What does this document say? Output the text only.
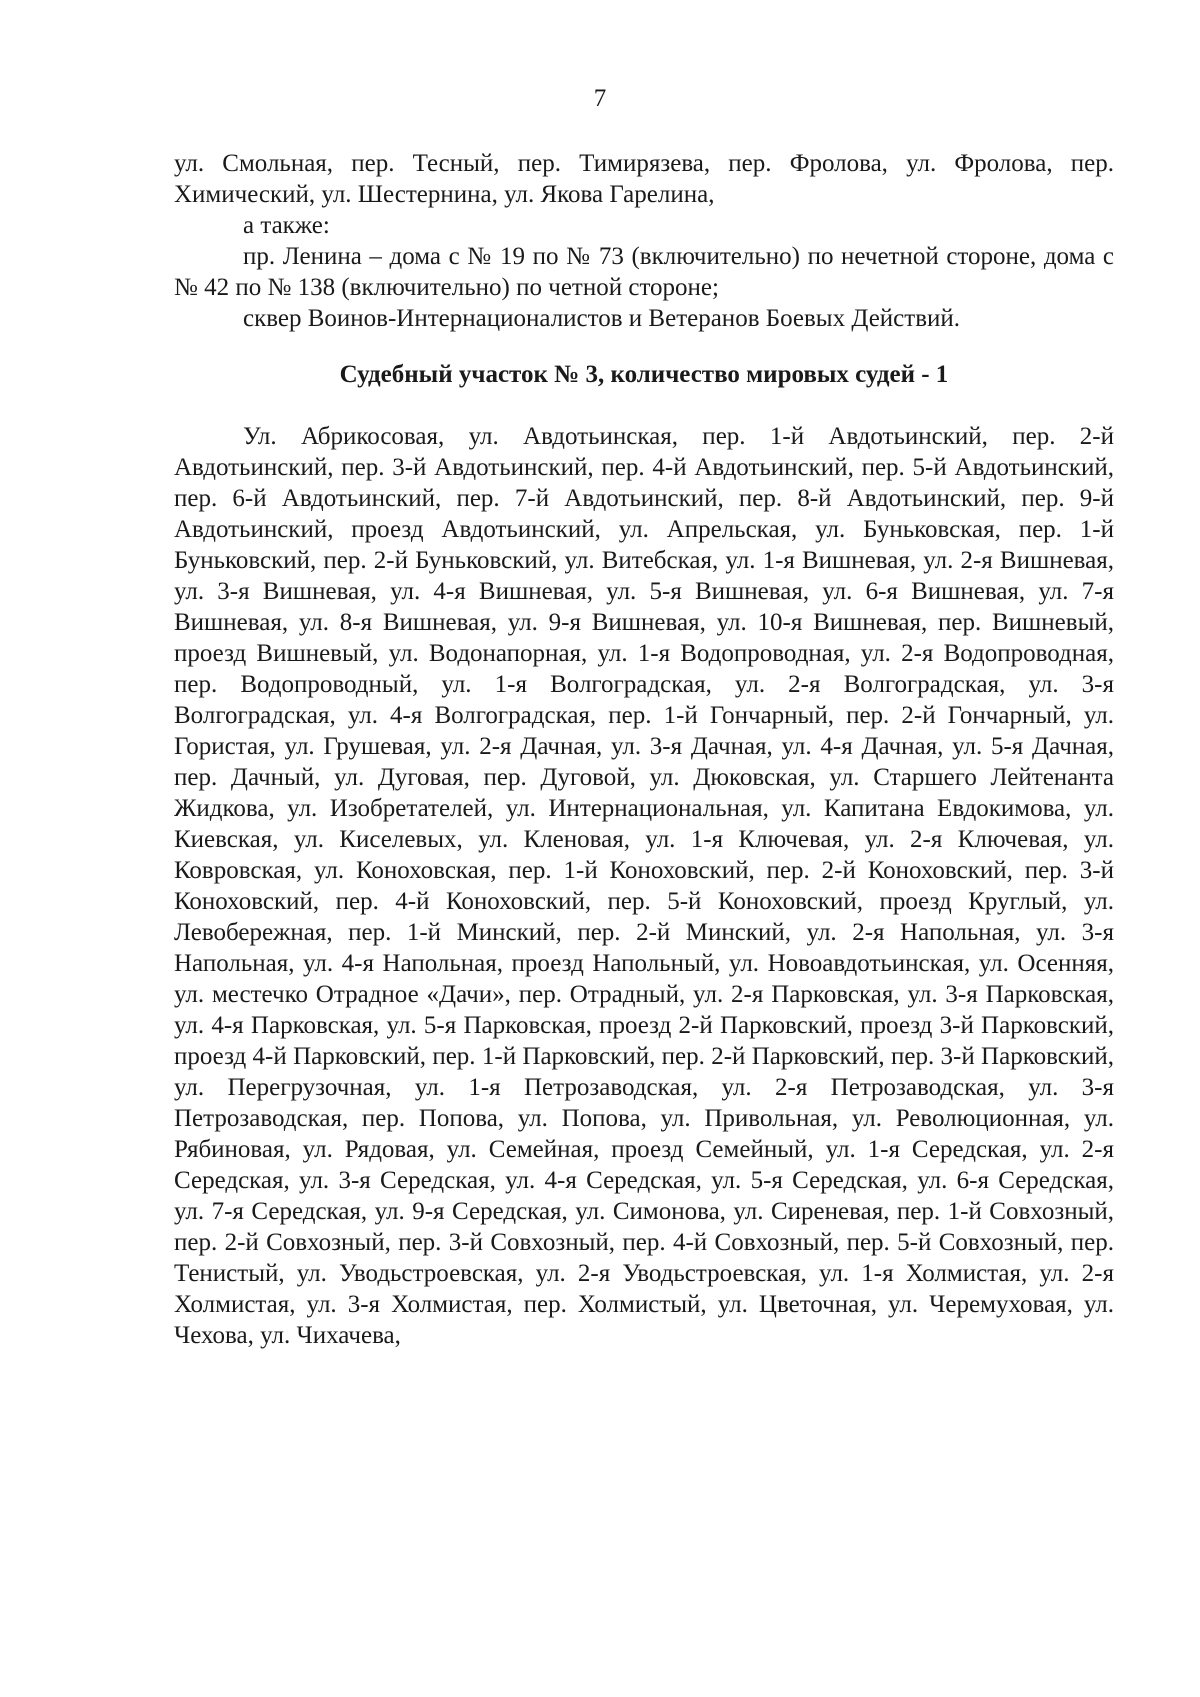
7

ул. Смольная, пер. Тесный, пер. Тимирязева, пер. Фролова, ул. Фролова, пер. Химический, ул. Шестернина, ул. Якова Гарелина,

а также:

пр. Ленина – дома с № 19 по № 73 (включительно) по нечетной стороне, дома с № 42 по № 138 (включительно) по четной стороне;

сквер Воинов-Интернационалистов и Ветеранов Боевых Действий.

Судебный участок № 3, количество мировых судей - 1

Ул. Абрикосовая, ул. Авдотьинская, пер. 1-й Авдотьинский, пер. 2-й Авдотьинский, пер. 3-й Авдотьинский, пер. 4-й Авдотьинский, пер. 5-й Авдотьинский, пер. 6-й Авдотьинский, пер. 7-й Авдотьинский, пер. 8-й Авдотьинский, пер. 9-й Авдотьинский, проезд Авдотьинский, ул. Апрельская, ул. Буньковская, пер. 1-й Буньковский, пер. 2-й Буньковский, ул. Витебская, ул. 1-я Вишневая, ул. 2-я Вишневая, ул. 3-я Вишневая, ул. 4-я Вишневая, ул. 5-я Вишневая, ул. 6-я Вишневая, ул. 7-я Вишневая, ул. 8-я Вишневая, ул. 9-я Вишневая, ул. 10-я Вишневая, пер. Вишневый, проезд Вишневый, ул. Водонапорная, ул. 1-я Водопроводная, ул. 2-я Водопроводная, пер. Водопроводный, ул. 1-я Волгоградская, ул. 2-я Волгоградская, ул. 3-я Волгоградская, ул. 4-я Волгоградская, пер. 1-й Гончарный, пер. 2-й Гончарный, ул. Гористая, ул. Грушевая, ул. 2-я Дачная, ул. 3-я Дачная, ул. 4-я Дачная, ул. 5-я Дачная, пер. Дачный, ул. Дуговая, пер. Дуговой, ул. Дюковская, ул. Старшего Лейтенанта Жидкова, ул. Изобретателей, ул. Интернациональная, ул. Капитана Евдокимова, ул. Киевская, ул. Киселевых, ул. Кленовая, ул. 1-я Ключевая, ул. 2-я Ключевая, ул. Ковровская, ул. Коноховская, пер. 1-й Коноховский, пер. 2-й Коноховский, пер. 3-й Коноховский, пер. 4-й Коноховский, пер. 5-й Коноховский, проезд Круглый, ул. Левобережная, пер. 1-й Минский, пер. 2-й Минский, ул. 2-я Напольная, ул. 3-я Напольная, ул. 4-я Напольная, проезд Напольный, ул. Новоавдотьинская, ул. Осенняя, ул. местечко Отрадное «Дачи», пер. Отрадный, ул. 2-я Парковская, ул. 3-я Парковская, ул. 4-я Парковская, ул. 5-я Парковская, проезд 2-й Парковский, проезд 3-й Парковский, проезд 4-й Парковский, пер. 1-й Парковский, пер. 2-й Парковский, пер. 3-й Парковский, ул. Перегрузочная, ул. 1-я Петрозаводская, ул. 2-я Петрозаводская, ул. 3-я Петрозаводская, пер. Попова, ул. Попова, ул. Привольная, ул. Революционная, ул. Рябиновая, ул. Рядовая, ул. Семейная, проезд Семейный, ул. 1-я Середская, ул. 2-я Середская, ул. 3-я Середская, ул. 4-я Середская, ул. 5-я Середская, ул. 6-я Середская, ул. 7-я Середская, ул. 9-я Середская, ул. Симонова, ул. Сиреневая, пер. 1-й Совхозный, пер. 2-й Совхозный, пер. 3-й Совхозный, пер. 4-й Совхозный, пер. 5-й Совхозный, пер. Тенистый, ул. Уводьстроевская, ул. 2-я Уводьстроевская, ул. 1-я Холмистая, ул. 2-я Холмистая, ул. 3-я Холмистая, пер. Холмистый, ул. Цветочная, ул. Черемуховая, ул. Чехова, ул. Чихачева,
